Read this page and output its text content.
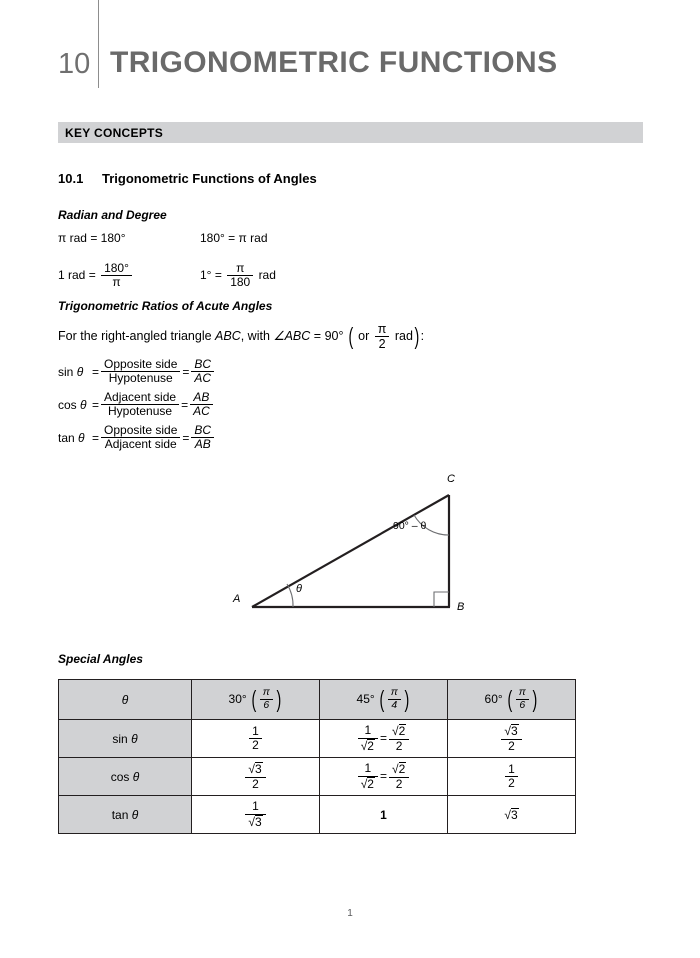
10 TRIGONOMETRIC FUNCTIONS
KEY CONCEPTS
10.1 Trigonometric Functions of Angles
Radian and Degree
π rad = 180°	180° = π rad
1 rad = $\frac{180^\circ}{\pi}$	$1^\circ = \frac{\pi}{180}$ rad
Trigonometric Ratios of Acute Angles
For the right-angled triangle ABC, with ∠ABC = 90° ( or $\frac{\pi}{2} rad$):
$\sin \theta = \frac{\text{Opposite side}}{\text{Hypotenuse}} = \frac{BC}{AC}$
$\cos \theta = \frac{\text{Adjacent side}}{\text{Hypotenuse}} = \frac{AB}{AC}$
$\tan \theta = \frac{\text{Opposite side}}{\text{Adjacent side}} = \frac{BC}{AB}$
A
B
C
θ
90° – θ
Special Angles
θ	30° ( $\frac{\pi}{6}$ )	45° ( $\frac{\pi}{4}$ )	60° ( $\frac{\pi}{6}$ )
sin θ	$\frac{1}{2}$	$\frac{1}{√2} = \frac{√2}{2}$	$\frac{√3}{2}$

cos θ	$\frac{√3}{2}$	$\frac{1}{√2} = \frac{√2}{2}$	$\frac{1}{2}$

tan θ	$\frac{1}{√3}$	1	√3
1
